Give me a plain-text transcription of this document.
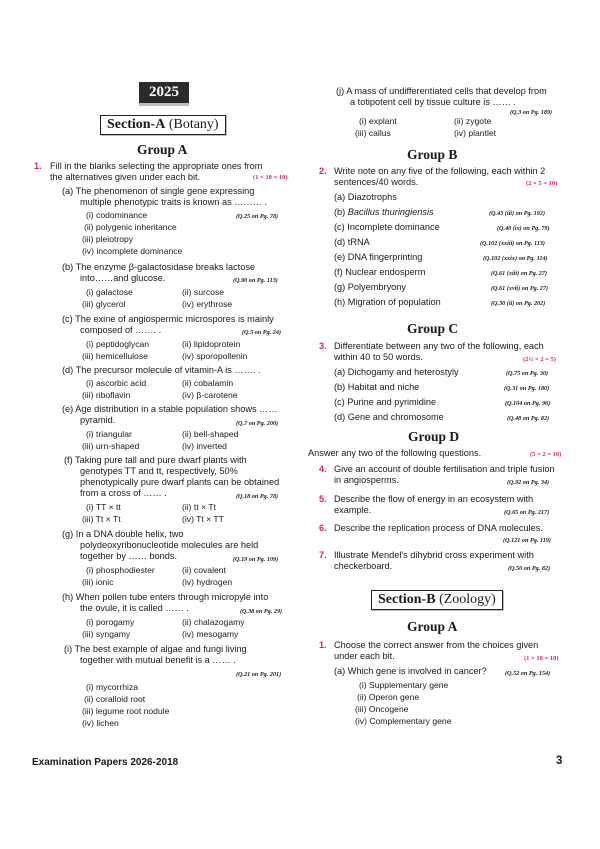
2025
Section-A (Botany)
Group A
1. Fill in the blanks selecting the appropriate ones from
the alternatives given under each bit.	(1 × 10 = 10)
(a) The phenomenon of single gene expressing
multiple phenotypic traits is known as ……… .
(Q.25 on Pg. 78)
(i) codominance
(ii) polygenic inheritance
(iii) pleiotropy
(iv) incomplete dominance
(b) The enzyme β-galactosidase breaks lactose
into……and glucose.	(Q.90 on Pg. 113)
(i) galactose	(ii) surcose
(iii) glycerol	(iv) erythrose
(c) The exine of angiospermic microspores is mainly
composed of ……. .	(Q.5 on Pg. 24)
(i) peptidoglycan	(ii) lipidoprotein
(iii) hemicellulose	(iv) sporopollenin
(d) The precursor molecule of vitamin-A is ……. .
(i) ascorbic acid	(ii) cobalamin
(iii) riboflavin	(iv) β-carotene
(e) Age distribution in a stable population shows ……
pyramid.	(Q.7 on Pg. 200)
(i) triangular	(ii) bell-shaped
(iii) urn-shaped	(iv) inverted
(f) Taking pure tall and pure dwarf plants with
genotypes TT and tt, respectively, 50%
phenotypically pure dwarf plants can be obtained
from a cross of …… .	(Q.18 on Pg. 78)
(i) TT × tt	(ii) tt × Tt
(iii) Tt × Tt	(iv) Tt × TT
(g) In a DNA double helix, two
polydeoxyribonucleotide molecules are held
together by …… bonds.	(Q.19 on Pg. 109)
(i) phosphodiester	(ii) covalent
(iii) ionic	(iv) hydrogen
(h) When pollen tube enters through micropyle into
the ovule, it is called …… .	(Q.38 on Pg. 29)
(i) porogamy	(ii) chalazogamy
(iii) syngamy	(iv) mesogamy
(i) The best example of algae and fungi living
together with mutual benefit is a …… .
(Q.21 on Pg. 201)
(i) mycorrhiza
(ii) coralloid root
(iii) legume root nodule
(iv) lichen
(j) A mass of undifferentiated cells that develop from
a totipotent cell by tissue culture is …… .
(Q.3 on Pg. 189)
(i) explant	(ii) zygote
(iii) callus	(iv) plantlet
Group B
2. Write note on any five of the following, each within 2
sentences/40 words.	(2 × 5 = 10)
(a) Diazotrophs
(b) Bacillus thuringiensis	(Q.43 (iii) on Pg. 192)
(c) Incomplete dominance	(Q.40 (ix) on Pg. 79)
(d) tRNA	(Q.102 (xxiii) on Pg. 113)
(e) DNA fingerprinting	(Q.102 (xxix) on Pg. 114)
(f) Nuclear endosperm	(Q.61 (xiii) on Pg. 27)
(g) Polyembryony	(Q.61 (xvii) on Pg. 27)
(h) Migration of population	(Q.30 (ii) on Pg. 202)
Group C
3. Differentiate between any two of the following, each
within 40 to 50 words.	(2½ × 2 = 5)
(a) Dichogamy and heterostyly	(Q.75 on Pg. 30)
(b) Habitat and niche	(Q.31 on Pg. 180)
(c) Purine and pyrimidine	(Q.104 on Pg. 96)
(d) Gene and chromosome	(Q.48 on Pg. 82)
Group D
Answer any two of the following questions.	(5 × 2 = 10)
4. Give an account of double fertilisation and triple fusion
in angiosperms.	(Q.92 on Pg. 34)
5. Describe the flow of energy in an ecosystem with
example.	(Q.65 on Pg. 217)
6. Describe the replication process of DNA molecules.
(Q.121 on Pg. 119)
7. Illustrate Mendel's dihybrid cross experiment with
checkerboard.	(Q.50 on Pg. 82)
Section-B (Zoology)
Group A
1. Choose the correct answer from the choices given
under each bit.	(1 × 10 = 10)
(a) Which gene is involved in cancer?	(Q.52 on Pg. 154)
(i) Supplementary gene
(ii) Operon gene
(iii) Oncogene
(iv) Complementary gene
Examination Papers 2026-2018	3
